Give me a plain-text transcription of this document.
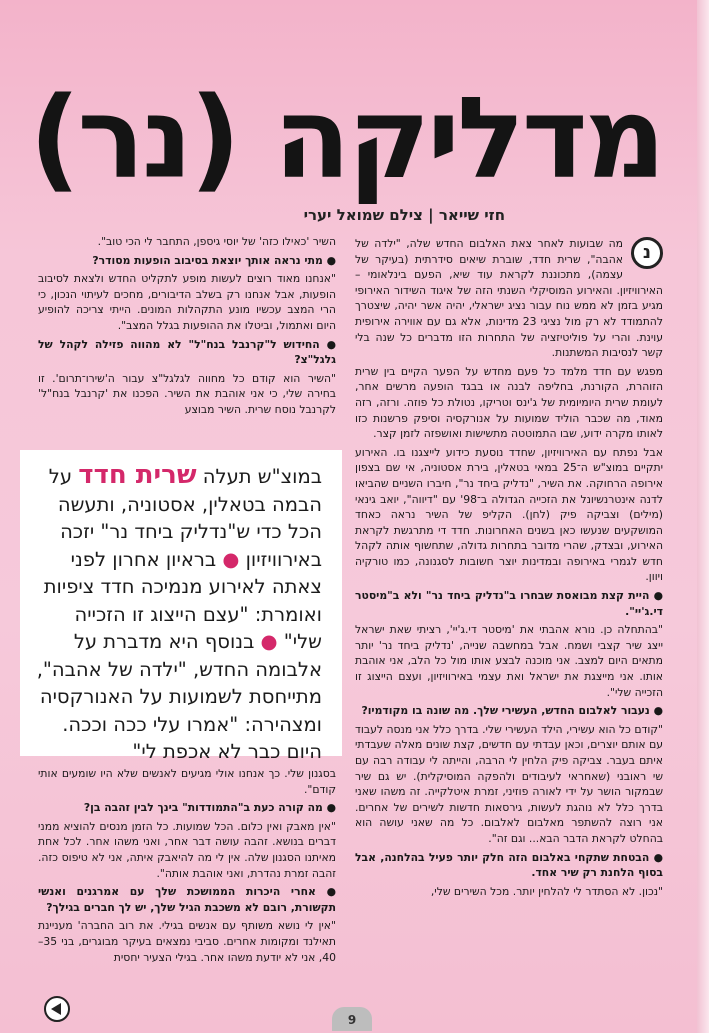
מדליקה (נר)
חזי שייאר | צילם שמואל יערי
נ

מה שבועות לאחר צאת האלבום החדש שלה, "ילדה של אהבה", שרית חדד, שוברת שיאים סידרתית (בעיקר של עצמה), מתכוננת לקראת עוד שיא, הפעם בינלאומי – האירוויזיון. והאירוע המוסיקלי השנתי הזה של איגוד השידור האירופי מגיע בזמן לא ממש נוח עבור נציג ישראלי, יהיה אשר יהיה, שיצטרך להתמודד לא רק מול נציגי 23 מדינות, אלא גם עם אווירה אירופית עוינת. והרי על פוליטיזציה של התחרות הזו מדברים כל שנה בלי קשר לנסיבות המשתנות.

מפגש עם חדד מלמד כל פעם מחדש על הפער הקיים בין שרית הזוהרת, הקורנת, בחליפה לבנה או בבגד הופעה מרשים אחר, לעומת שרית היומיומית של ג'ינס וטריקו, נטולת כל פוזה. ורזה, רזה מאוד, מה שכבר הוליד שמועות על אנורקסיה וסיפק פרשנות כזו לאותו מקרה ידוע, שבו התמוטטה מתשישות ואושפזה לזמן קצר.

אבל נפתח עם האירוויזיון, שחדד נוסעת כידוע לייצגנו בו. האירוע יתקיים במוצ"ש ה־25 במאי בטאלין, בירת אסטוניה, אי שם בצפון אירופה הרחוקה. את השיר, "נדליק ביחד נר", חיברו השניים שהביאו לדנה אינטרנשיונל את הזכייה הגדולה ב־98' עם "דיווה", יואב גינאי (מילים) וצביקה פיק (לחן). הקליפ של השיר נראה כאחד המושקעים שנעשו כאן בשנים האחרונות. חדד די מתרגשת לקראת האירוע, ובצדק, שהרי מדובר בתחרות גדולה, שתחשוף אותה לקהל חדש לגמרי באירופה ובמדינות יוצר חשובות לסגנונה, כמו טורקיה ויוון.

● היית קצת מבואסת שבחרו ב"נדליק ביחד נר" ולא ב"מיסטר די.ג'יי".

"בהתחלה כן. נורא אהבתי את 'מיסטר די.ג'יי', רציתי שאת ישראל ייצג שיר קצבי ושמח. אבל במחשבה שנייה, 'נדליק ביחד נר' יותר מתאים היום למצב. אני מוכנה לבצע אותו מול כל הלב, אני אוהבת אותו. אני מייצגת את ישראל ואת עצמי באירוויזיון, ועצם הייצוג זו הזכייה שלי".

● נעבור לאלבום החדש, העשירי שלך. מה שונה בו מקודמיו?

"קודם כל הוא עשירי, הילד העשירי שלי. בדרך כלל אני מנסה לעבוד עם אותם יוצרים, וכאן עבדתי עם חדשים, קצת שונים מאלה שעבדתי איתם בעבר. צביקה פיק הלחין לי הרבה, והייתה לי עבודה רבה עם שי ראובני (שאחראי לעיבודים ולהפקה המוסיקלית). יש גם שיר שבמקור הושר על ידי לאורה פוזיני, זמרת איטלקייה. זה משהו שאני בדרך כלל לא נוהגת לעשות, גירסאות חדשות לשירים של אחרים. אני רוצה להשתפר מאלבום לאלבום. כל מה שאני עושה הוא בהחלט לקראת הדבר הבא... וגם זה".

● הבטחת שתקחי באלבום הזה חלק יותר פעיל בהלחנה, אבל בסוף הלחנת רק שיר אחד.

"נכון. לא הסתדר לי להלחין יותר. מכל השירים שלי,

השיר 'כאילו כזה' של יוסי גיספן, התחבר לי הכי טוב".

● מתי נראה אותך יוצאת בסיבוב הופעות מסודר?

"אנחנו מאוד רוצים לעשות מופע לתקליט החדש ולצאת לסיבוב הופעות, אבל אנחנו רק בשלב הדיבורים, מחכים לעיתוי הנכון, כי הרי המצב עכשיו מונע התקהלות המונים. הייתי צריכה להופיע היום ואתמול, וביטלו את ההופעות בגלל המצב".

● החידוש ל"קרנבל בנח"ל" לא מהווה פזילה לקהל של גלגל"צ?

"השיר הוא קודם כל מחווה לגלגל"צ עבור ה'שירו־תרום'. זו בחירה שלי, כי אני אוהבת את השיר. הפכנו את 'קרנבל בנח"ל' לקרנבל נוסח שרית. השיר מבוצע

במוצ"ש תעלה שרית חדד על הבמה בטאלין, אסטוניה, ותעשה הכל כדי ש"נדליק ביחד נר" יזכה באירוויזיון ● בראיון אחרון לפני צאתה לאירוע מנמיכה חדד ציפיות ואומרת: "עצם הייצוג זו הזכייה שלי" ● בנוסף היא מדברת על אלבומה החדש, "ילדה של אהבה", מתייחסת לשמועות על האנורקסיה ומצהירה: "אמרו עלי ככה וככה. היום כבר לא אכפת לי"

בסגנון שלי. כך אנחנו אולי מגיעים לאנשים שלא היו שומעים אותי קודם".

● מה קורה כעת ב"התמודדות" בינך לבין זהבה בן?

"אין מאבק ואין כלום. הכל שמועות. כל הזמן מנסים להוציא ממני דברים בנושא. זהבה עושה דבר אחר, ואני משהו אחר. לכל אחת מאיתנו הסגנון שלה. אין לי מה להיאבק איתה, אני לא טיפוס כזה. זהבה זמרת נהדרת, ואני אוהבת אותה".

● אחרי היכרות הממושכת שלך עם אמרגנים ואנשי תקשורת, רובם לא משכבת הגיל שלך, יש לך חברים בגילך?

"אין לי נושא משותף עם אנשים בגילי. את רוב החברה' מעניינת תאילנד ומקומות אחרים. סביבי נמצאים בעיקר מבוגרים, בני 35–40, אני לא יודעת משהו אחר. בגילי הצעיר יחסית

9
